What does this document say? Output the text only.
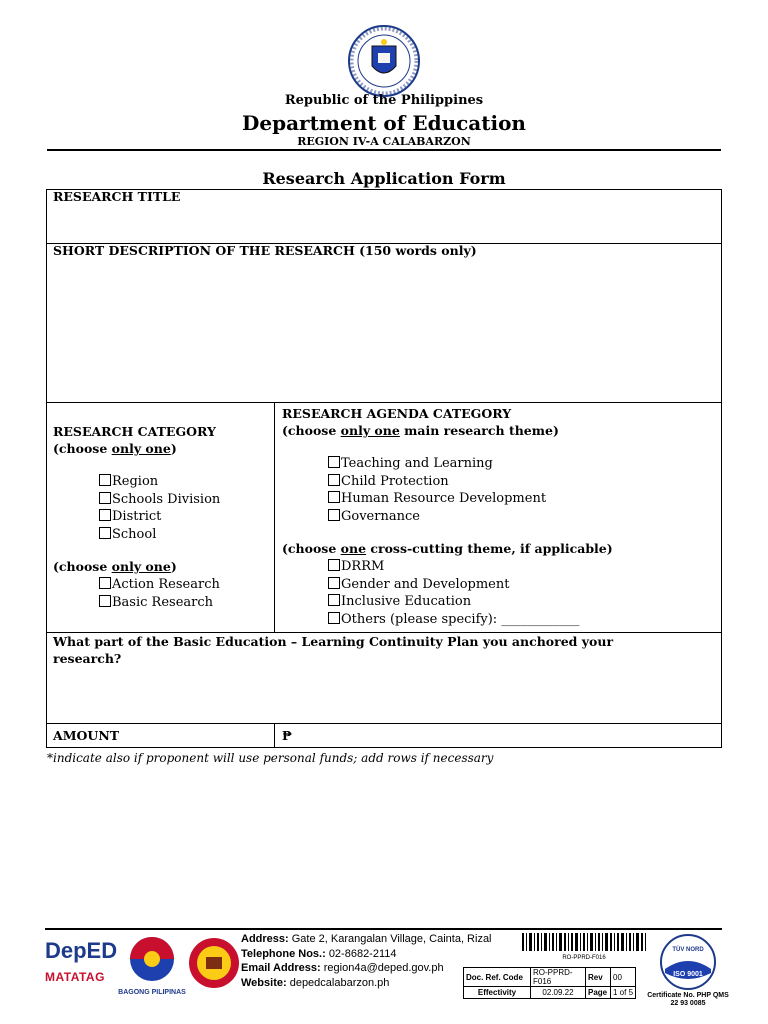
Republic of the Philippines
Department of Education
REGION IV-A CALABARZON
Research Application Form
RESEARCH TITLE
SHORT DESCRIPTION OF THE RESEARCH (150 words only)
RESEARCH CATEGORY
(choose only one)
Region
Schools Division
District
School
(choose only one)
Action Research
Basic Research
RESEARCH AGENDA CATEGORY
(choose only one main research theme)
Teaching and Learning
Child Protection
Human Resource Development
Governance
(choose one cross-cutting theme, if applicable)
DRRM
Gender and Development
Inclusive Education
Others (please specify): ____________
What part of the Basic Education – Learning Continuity Plan you anchored your research?
AMOUNT	₱
*indicate also if proponent will use personal funds; add rows if necessary
DepED
MATATAG
BAGONG PILIPINAS
Address: Gate 2, Karangalan Village, Cainta, Rizal
Telephone Nos.: 02-8682-2114
Email Address: region4a@deped.gov.ph
Website: depedcalabarzon.ph
RO-PPRD-F016
Doc. Ref. Code	RO-PPRD-F016	Rev	00
Effectivity	02.09.22	Page	1 of 5
TÜV NORD
ISO 9001
Certificate No. PHP QMS
22 93 0085
